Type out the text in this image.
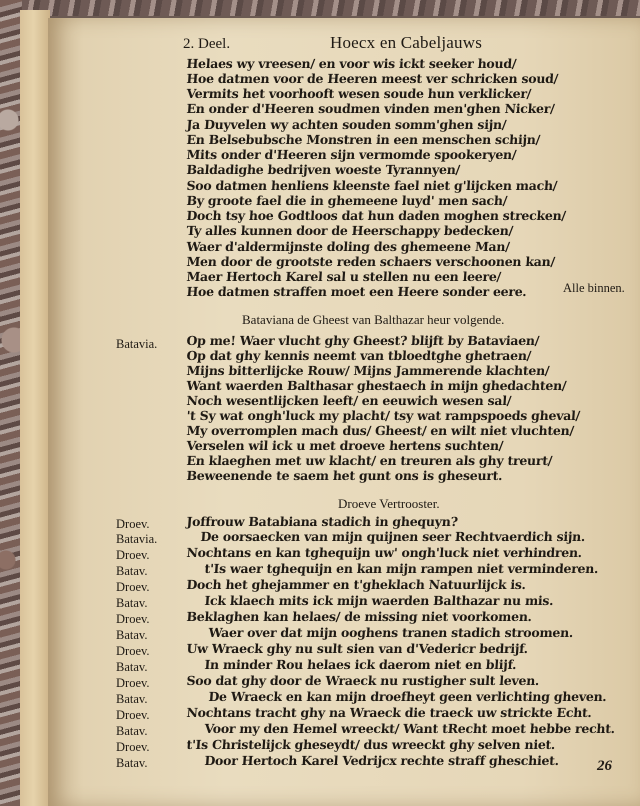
2. Deel.	Hoecx en Cabeljauws
Helaes wy vreesen/ en voor wis ickt seeker houd/
Hoe datmen voor de Heeren meest ver schricken soud/
Vermits het voorhooft wesen soude hun verklicker/
En onder d'Heeren soudmen vinden men'ghen Nicker/
Ja Duyvelen wy achten souden somm'ghen sijn/
En Belsebubsche Monstren in een menschen schijn/
Mits onder d'Heeren sijn vermomde spookeryen/
Baldadighe bedrijven woeste Tyrannyen/
Soo datmen henliens kleenste fael niet g'lijcken mach/
By groote fael die in ghemeene luyd' men sach/
Doch tsy hoe Godtloos dat hun daden moghen strecken/
Ty alles kunnen door de Heerschappy bedecken/
Waer d'aldermijnste doling des ghemeene Man/
Men door de grootste reden schaers verschoonen kan/
Maer Hertoch Karel sal u stellen nu een leere/
Hoe datmen straffen moet een Heere sonder eere.	Alle binnen.
Bataviana de Gheest van Balthazar heur volgende.
Batavia. Op me! Waer vlucht ghy Gheest? blijft by Bataviaen/
Op dat ghy kennis neemt van tbloedtghe ghetraen/
Mijns bitterlijcke Rouw/ Mijns Jammerende klachten/
Want waerden Balthasar ghestaech in mijn ghedachten/
Noch wesentlijcken leeft/ en eeuwich wesen sal/
't Sy wat ongh'luck my placht/ tsy wat rampspoeds gheval/
My overromplen mach dus/ Gheest/ en wilt niet vluchten/
Verselen wil ick u met droeve hertens suchten/
En klaeghen met uw klacht/ en treuren als ghy treurt/
Beweenende te saem het gunt ons is gheseurt.
Droeve Vertrooster.
Droev.	Joffrouw Batabiana stadich in ghequyn?
Batavia.	De oorsaecken van mijn quijnen seer Rechtvaerdich sijn.
Droev.	Nochtans en kan tghequijn uw' ongh'luck niet verhindren.
Batav.	t'Is waer tghequijn en kan mijn rampen niet verminderen.
Droev.	Doch het ghejammer en t'gheklach Natuurlijck is.
Batav.	Ick klaech mits ick mijn waerden Balthazar nu mis.
Droev.	Beklaghen kan helaes/ de missing niet voorkomen.
Batav.	Waer over dat mijn ooghens tranen stadich stroomen.
Droev.	Uw Wraeck ghy nu sult sien van d'Vedericr bedrijf.
Batav.	In minder Rou helaes ick daerom niet en blijf.
Droev.	Soo dat ghy door de Wraeck nu rustigher sult leven.
Batav.	De Wraeck en kan mijn droefheyt geen verlichting gheven.
Droev.	Nochtans tracht ghy na Wraeck die traeck uw strickte Echt.
Batav.	Voor my den Hemel wreeckt/ Want tRecht moet hebbe recht.
Droev.	t'Is Christelijck gheseydt/ dus wreeckt ghy selven niet.
Batav.	Door Hertoch Karel Vedrijcx rechte straff gheschiet.	26
